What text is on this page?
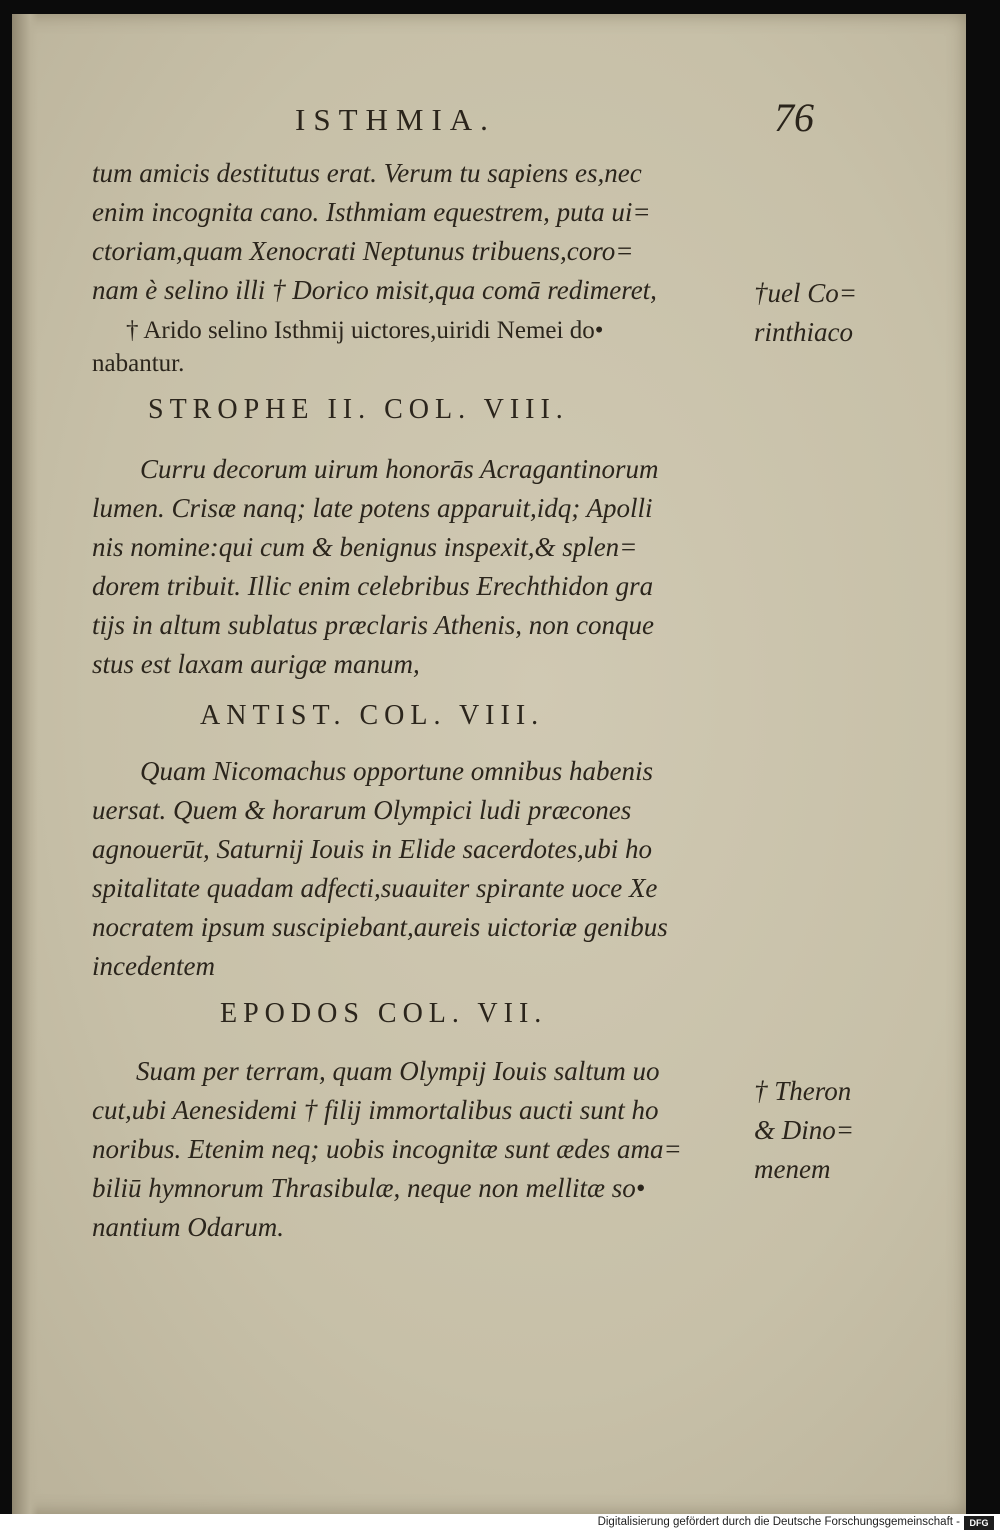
ISTHMIA.	76
tum amicis destitutus erat. Verum tu sapiens es,nec
enim incognita cano. Isthmiam equestrem, puta ui=
ctoriam,quam Xenocrati Neptunus tribuens,coro=
nam è selino illi † Dorico misit,qua comā redimeret,
† Arido selino Isthmij uictores,uiridi Nemei do•
nabantur.
STROPHE II. COL. VIII.
Curru decorum uirum honorās Acragantinorum
lumen. Crisæ nanq; late potens apparuit,idq; Apolli
nis nomine:qui cum & benignus inspexit,& splen=
dorem tribuit. Illic enim celebribus Erechthidon gra
tijs in altum sublatus præclaris Athenis, non conque
stus est laxam aurigæ manum,
ANTIST. COL. VIII.
Quam Nicomachus opportune omnibus habenis
uersat. Quem & horarum Olympici ludi præcones
agnouerūt, Saturnij Iouis in Elide sacerdotes,ubi ho
spitalitate quadam adfecti,suauiter spirante uoce Xe
nocratem ipsum suscipiebant,aureis uictoriæ genibus
incedentem
EPODOS COL. VII.
Suam per terram, quam Olympij Iouis saltum uo
cut,ubi Aenesidemi † filij immortalibus aucti sunt ho
noribus. Etenim neq; uobis incognitæ sunt ædes ama=
biliū hymnorum Thrasibulæ, neque non mellitæ so•
nantium Odarum.
†uel Co=
rinthiaco
† Theron
& Dino=
menem
Digitalisierung gefördert durch die Deutsche Forschungsgemeinschaft -	DFG
